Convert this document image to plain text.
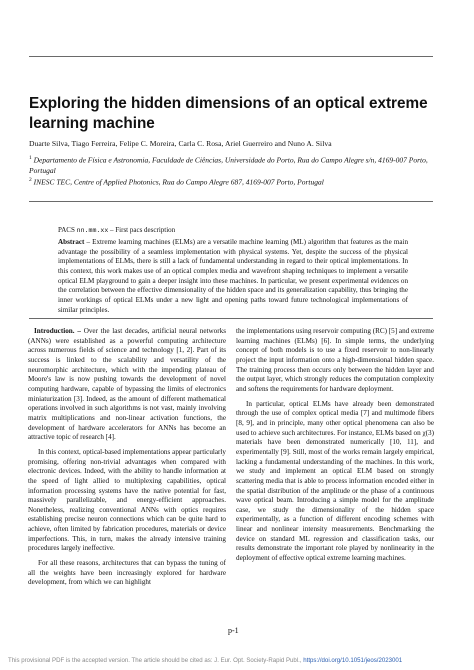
Exploring the hidden dimensions of an optical extreme learning machine
Duarte Silva, Tiago Ferreira, Felipe C. Moreira, Carla C. Rosa, Ariel Guerreiro and Nuno A. Silva
$^1$ Departamento de Física e Astronomia, Faculdade de Ciências, Universidade do Porto, Rua do Campo Alegre s/n, 4169-007 Porto, Portugal
$^2$ INESC TEC, Centre of Applied Photonics, Rua do Campo Alegre 687, 4169-007 Porto, Portugal
PACS nn.mm.xx – First pacs description
Abstract – Extreme learning machines (ELMs) are a versatile machine learning (ML) algorithm that features as the main advantage the possibility of a seamless implementation with physical systems. Yet, despite the success of the physical implementations of ELMs, there is still a lack of fundamental understanding in regard to their optical implementations. In this context, this work makes use of an optical complex media and wavefront shaping techniques to implement a versatile optical ELM playground to gain a deeper insight into these machines. In particular, we present experimental evidences on the correlation between the effective dimensionality of the hidden space and its generalization capability, thus bringing the inner workings of optical ELMs under a new light and opening paths toward future technological implementations of similar principles.

Introduction. – Over the last decades, artificial neural networks (ANNs) were established as a powerful computing architecture across numerous fields of science and technology [1, 2]. Part of its success is linked to the scalability and versatility of the neuromorphic architecture, which with the impending plateau of Moore's law is now pushing towards the development of novel computing hardware, capable of bypassing the limits of electronics miniaturization [3]. Indeed, as the amount of different mathematical operations involved in such algorithms is not vast, mainly involving matrix multiplications and non-linear activation functions, the development of hardware accelerators for ANNs has become an attractive topic of research [4].

In this context, optical-based implementations appear particularly promising, offering non-trivial advantages when compared with electronic devices. Indeed, with the ability to handle information at the speed of light allied to multiplexing capabilities, optical information processing systems have the native potential for fast, massively parallelizable, and energy-efficient approaches. Nonetheless, realizing conventional ANNs with optics requires establishing precise neuron connections which can be quite hard to achieve, often limited by fabrication procedures, materials or device imperfections. This, in turn, makes the already intensive training procedures largely ineffective.

For all these reasons, architectures that can bypass the tuning of all the weights have been increasingly explored for hardware development, from which we can highlight

the implementations using reservoir computing (RC) [5] and extreme learning machines (ELMs) [6]. In simple terms, the underlying concept of both models is to use a fixed reservoir to non-linearly project the input information onto a high-dimensional hidden space. The training process then occurs only between the hidden layer and the output layer, which strongly reduces the computation complexity and softens the requirements for hardware deployment.

In particular, optical ELMs have already been demonstrated through the use of complex optical media [7] and multimode fibers [8, 9], and in principle, many other optical phenomena can also be used to achieve such architectures. For instance, ELMs based on χ(3) materials have been demonstrated numerically [10, 11], and experimentally [9]. Still, most of the works remain largely empirical, lacking a fundamental understanding of the machines. In this work, we study and implement an optical ELM based on strongly scattering media that is able to process information encoded either in the spatial distribution of the amplitude or the phase of a continuous wave optical beam. Introducing a simple model for the amplitude case, we study the dimensionality of the hidden space experimentally, as a function of different encoding schemes with linear and nonlinear intensity measurements. Benchmarking the device on standard ML regression and classification tasks, our results demonstrate the important role played by nonlinearity in the deployment of effective optical extreme learning machines.

p-1
This provisional PDF is the accepted version. The article should be cited as: J. Eur. Opt. Society-Rapid Publ., https://doi.org/10.1051/jeos/2023001
